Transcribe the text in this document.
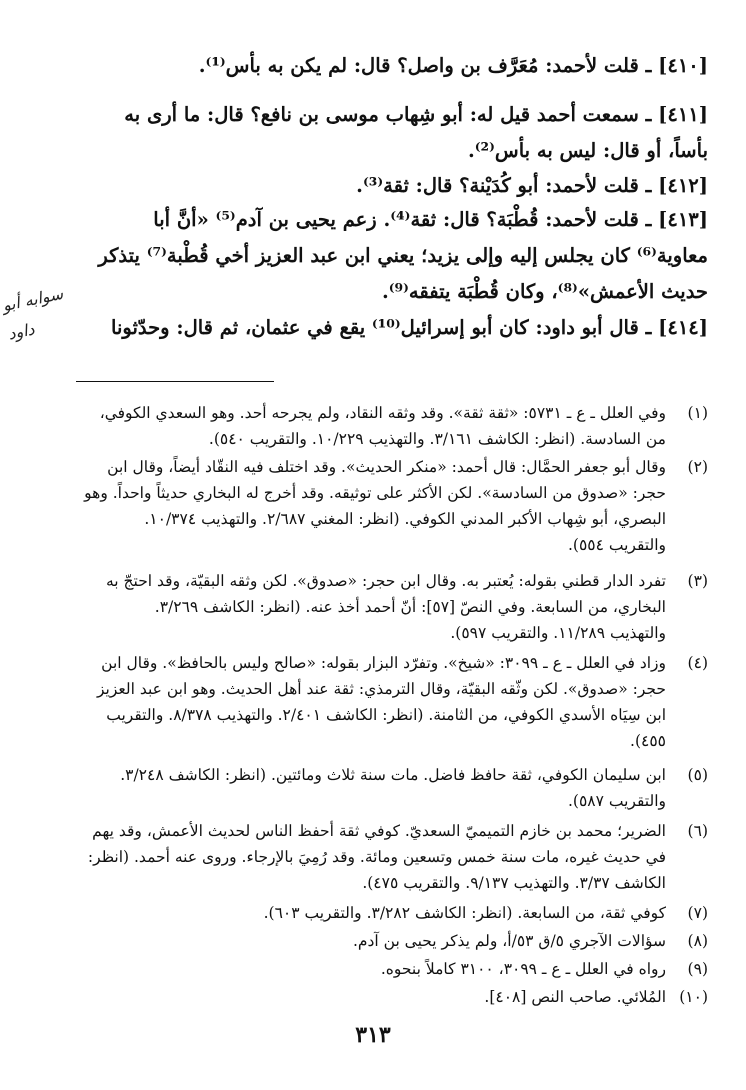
[٤١٠] ـ قلت لأحمد: مُعَرَّف بن واصل؟ قال: لم يكن به بأس⁽¹⁾.
[٤١١] ـ سمعت أحمد قيل له: أبو شِهاب موسى بن نافع؟ قال: ما أرى به
بأساً، أو قال: ليس به بأس⁽²⁾.
[٤١٢] ـ قلت لأحمد: أبو كُدَيْنة؟ قال: ثقة⁽³⁾.
[٤١٣] ـ قلت لأحمد: قُطْبَة؟ قال: ثقة⁽⁴⁾. زعم يحيى بن آدم⁽⁵⁾ «أنَّ أبا
معاوية⁽⁶⁾ كان يجلس إليه وإلى يزيد؛ يعني ابن عبد العزيز أخي قُطْبة⁽⁷⁾ يتذكر
حديث الأعمش»⁽⁸⁾، وكان قُطْبَة يتفقه⁽⁹⁾.
[٤١٤] ـ قال أبو داود: كان أبو إسرائيل⁽¹⁰⁾ يقع في عثمان، ثم قال: وحدّثونا
سوابه أبو
داود
(١)
وفي العلل ـ ع ـ ٥٧٣١: «ثقة ثقة». وقد وثقه النقاد، ولم يجرحه أحد. وهو السعدي الكوفي،
من السادسة. (انظر: الكاشف ٣/١٦١. والتهذيب ١٠/٢٢٩. والتقريب ٥٤٠).
(٢)
وقال أبو جعفر الحمَّال: قال أحمد: «منكر الحديث». وقد اختلف فيه النقّاد أيضاً، وقال ابن
حجر: «صدوق من السادسة». لكن الأكثر على توثيقه. وقد أخرج له البخاري حديثاً واحداً. وهو
البصري، أبو شِهاب الأكبر المدني الكوفي. (انظر: المغني ٢/٦٨٧. والتهذيب ١٠/٣٧٤.
والتقريب ٥٥٤).
(٣)
تفرد الدار قطني بقوله: يُعتبر به. وقال ابن حجر: «صدوق». لكن وثقه البقيّة، وقد احتجّ به
البخاري، من السابعة. وفي النصّ [٥٧]: أنّ أحمد أخذ عنه. (انظر: الكاشف ٣/٢٦٩.
والتهذيب ١١/٢٨٩. والتقريب ٥٩٧).
(٤)
وزاد في العلل ـ ع ـ ٣٠٩٩: «شيخ». وتفرّد البزار بقوله: «صالح وليس بالحافظ». وقال ابن
حجر: «صدوق». لكن وثّقه البقيّة، وقال الترمذي: ثقة عند أهل الحديث. وهو ابن عبد العزيز
ابن سِيَاه الأسدي الكوفي، من الثامنة. (انظر: الكاشف ٢/٤٠١. والتهذيب ٨/٣٧٨. والتقريب
٤٥٥).
(٥)
ابن سليمان الكوفي، ثقة حافظ فاضل. مات سنة ثلاث ومائتين. (انظر: الكاشف ٣/٢٤٨.
والتقريب ٥٨٧).
(٦)
الضرير؛ محمد بن خازم التميميّ السعديّ. كوفي ثقة أحفظ الناس لحديث الأعمش، وقد يهم
في حديث غيره، مات سنة خمس وتسعين ومائة. وقد رُمِيَ بالإرجاء. وروى عنه أحمد. (انظر:
الكاشف ٣/٣٧. والتهذيب ٩/١٣٧. والتقريب ٤٧٥).
(٧)
كوفي ثقة، من السابعة. (انظر: الكاشف ٣/٢٨٢. والتقريب ٦٠٣).
(٨)
سؤالات الآجري ٥/ق ٥٣/أ، ولم يذكر يحيى بن آدم.
(٩)
رواه في العلل ـ ع ـ ٣٠٩٩، ٣١٠٠ كاملاً بنحوه.
(١٠)
المُلائي. صاحب النص [٤٠٨].
٣١٣
